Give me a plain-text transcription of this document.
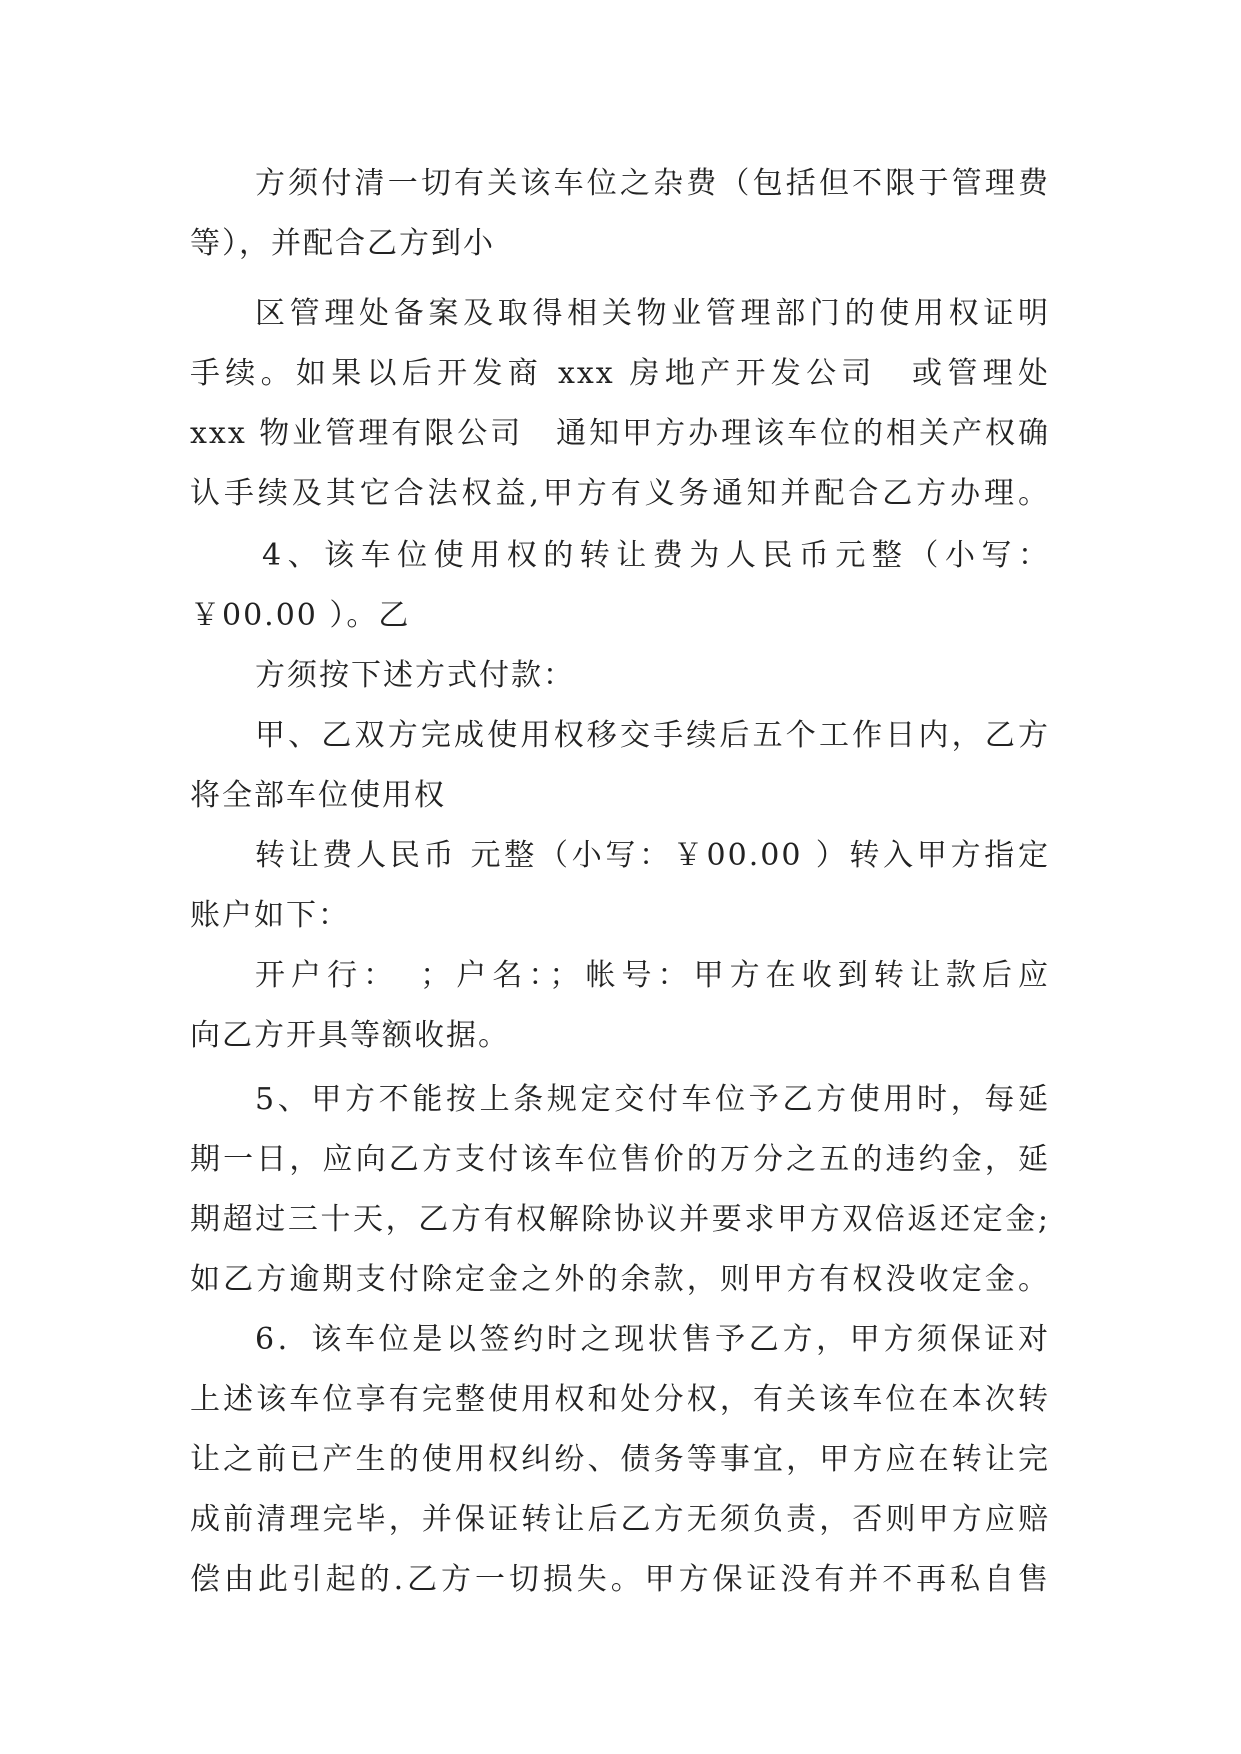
方须付清一切有关该车位之杂费（包括但不限于管理费
等），并配合乙方到小
区管理处备案及取得相关物业管理部门的使用权证明
手续。如果以后开发商 xxx 房地产开发公司　或管理处
xxx 物业管理有限公司　通知甲方办理该车位的相关产权确
认手续及其它合法权益,甲方有义务通知并配合乙方办理。
4、该车位使用权的转让费为人民币元整（小写：
￥00.00 ）。乙
方须按下述方式付款：
甲、乙双方完成使用权移交手续后五个工作日内，乙方
将全部车位使用权
转让费人民币 元整（小写：￥00.00 ）转入甲方指定
账户如下：
开户行：　；户名：；帐号：甲方在收到转让款后应
向乙方开具等额收据。
5、甲方不能按上条规定交付车位予乙方使用时，每延
期一日，应向乙方支付该车位售价的万分之五的违约金，延
期超过三十天，乙方有权解除协议并要求甲方双倍返还定金;
如乙方逾期支付除定金之外的余款，则甲方有权没收定金。
6．该车位是以签约时之现状售予乙方，甲方须保证对
上述该车位享有完整使用权和处分权，有关该车位在本次转
让之前已产生的使用权纠纷、债务等事宜，甲方应在转让完
成前清理完毕，并保证转让后乙方无须负责，否则甲方应赔
偿由此引起的.乙方一切损失。甲方保证没有并不再私自售
